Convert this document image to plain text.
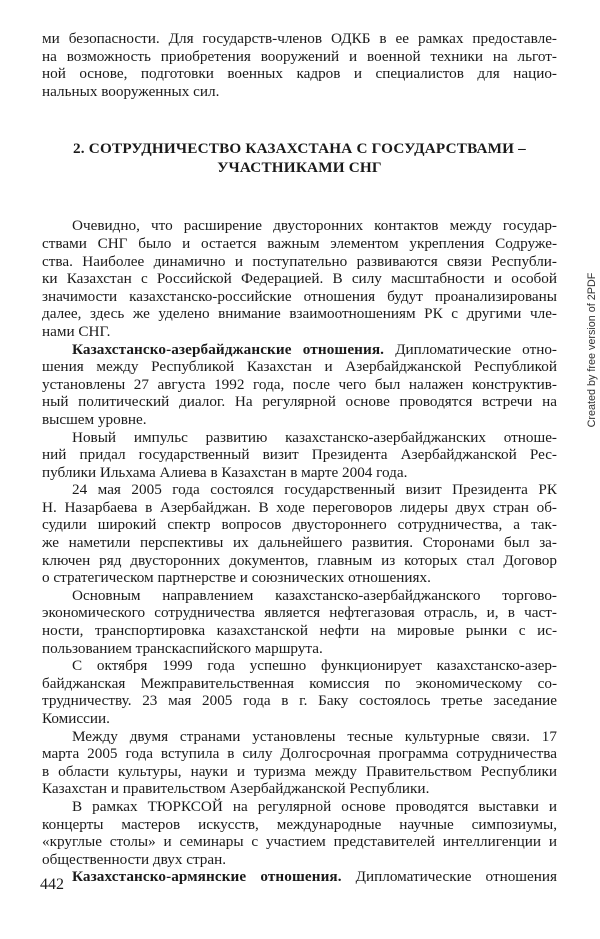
ми безопасности. Для государств-членов ОДКБ в ее рамках предоставле-
на возможность приобретения вооружений и военной техники на льгот-
ной основе, подготовки военных кадров и специалистов для нацио-
нальных вооруженных сил.
2. СОТРУДНИЧЕСТВО КАЗАХСТАНА С ГОСУДАРСТВАМИ –
УЧАСТНИКАМИ СНГ
Очевидно, что расширение двусторонних контактов между государ-
ствами СНГ было и остается важным элементом укрепления Содруже-
ства. Наиболее динамично и поступательно развиваются связи Республи-
ки Казахстан с Российской Федерацией. В силу масштабности и особой
значимости казахстанско-российские отношения будут проанализированы
далее, здесь же уделено внимание взаимоотношениям РК с другими чле-
нами СНГ.
Казахстанско-азербайджанские отношения. Дипломатические отно-
шения между Республикой Казахстан и Азербайджанской Республикой
установлены 27 августа 1992 года, после чего был налажен конструктив-
ный политический диалог. На регулярной основе проводятся встречи на
высшем уровне.
Новый импульс развитию казахстанско-азербайджанских отноше-
ний придал государственный визит Президента Азербайджанской Рес-
публики Ильхама Алиева в Казахстан в марте 2004 года.
24 мая 2005 года состоялся государственный визит Президента РК
Н. Назарбаева в Азербайджан. В ходе переговоров лидеры двух стран об-
судили широкий спектр вопросов двустороннего сотрудничества, а так-
же наметили перспективы их дальнейшего развития. Сторонами был за-
ключен ряд двусторонних документов, главным из которых стал Договор
о стратегическом партнерстве и союзнических отношениях.
Основным направлением казахстанско-азербайджанского торгово-
экономического сотрудничества является нефтегазовая отрасль, и, в част-
ности, транспортировка казахстанской нефти на мировые рынки с ис-
пользованием транскаспийского маршрута.
С октября 1999 года успешно функционирует казахстанско-азер-
байджанская Межправительственная комиссия по экономическому со-
трудничеству. 23 мая 2005 года в г. Баку состоялось третье заседание
Комиссии.
Между двумя странами установлены тесные культурные связи. 17
марта 2005 года вступила в силу Долгосрочная программа сотрудничества
в области культуры, науки и туризма между Правительством Республики
Казахстан и правительством Азербайджанской Республики.
В рамках ТЮРКСОЙ на регулярной основе проводятся выставки и
концерты мастеров искусств, международные научные симпозиумы,
«круглые столы» и семинары с участием представителей интеллигенции и
общественности двух стран.
Казахстанско-армянские отношения. Дипломатические отношения
442
Created by free version of 2PDF
